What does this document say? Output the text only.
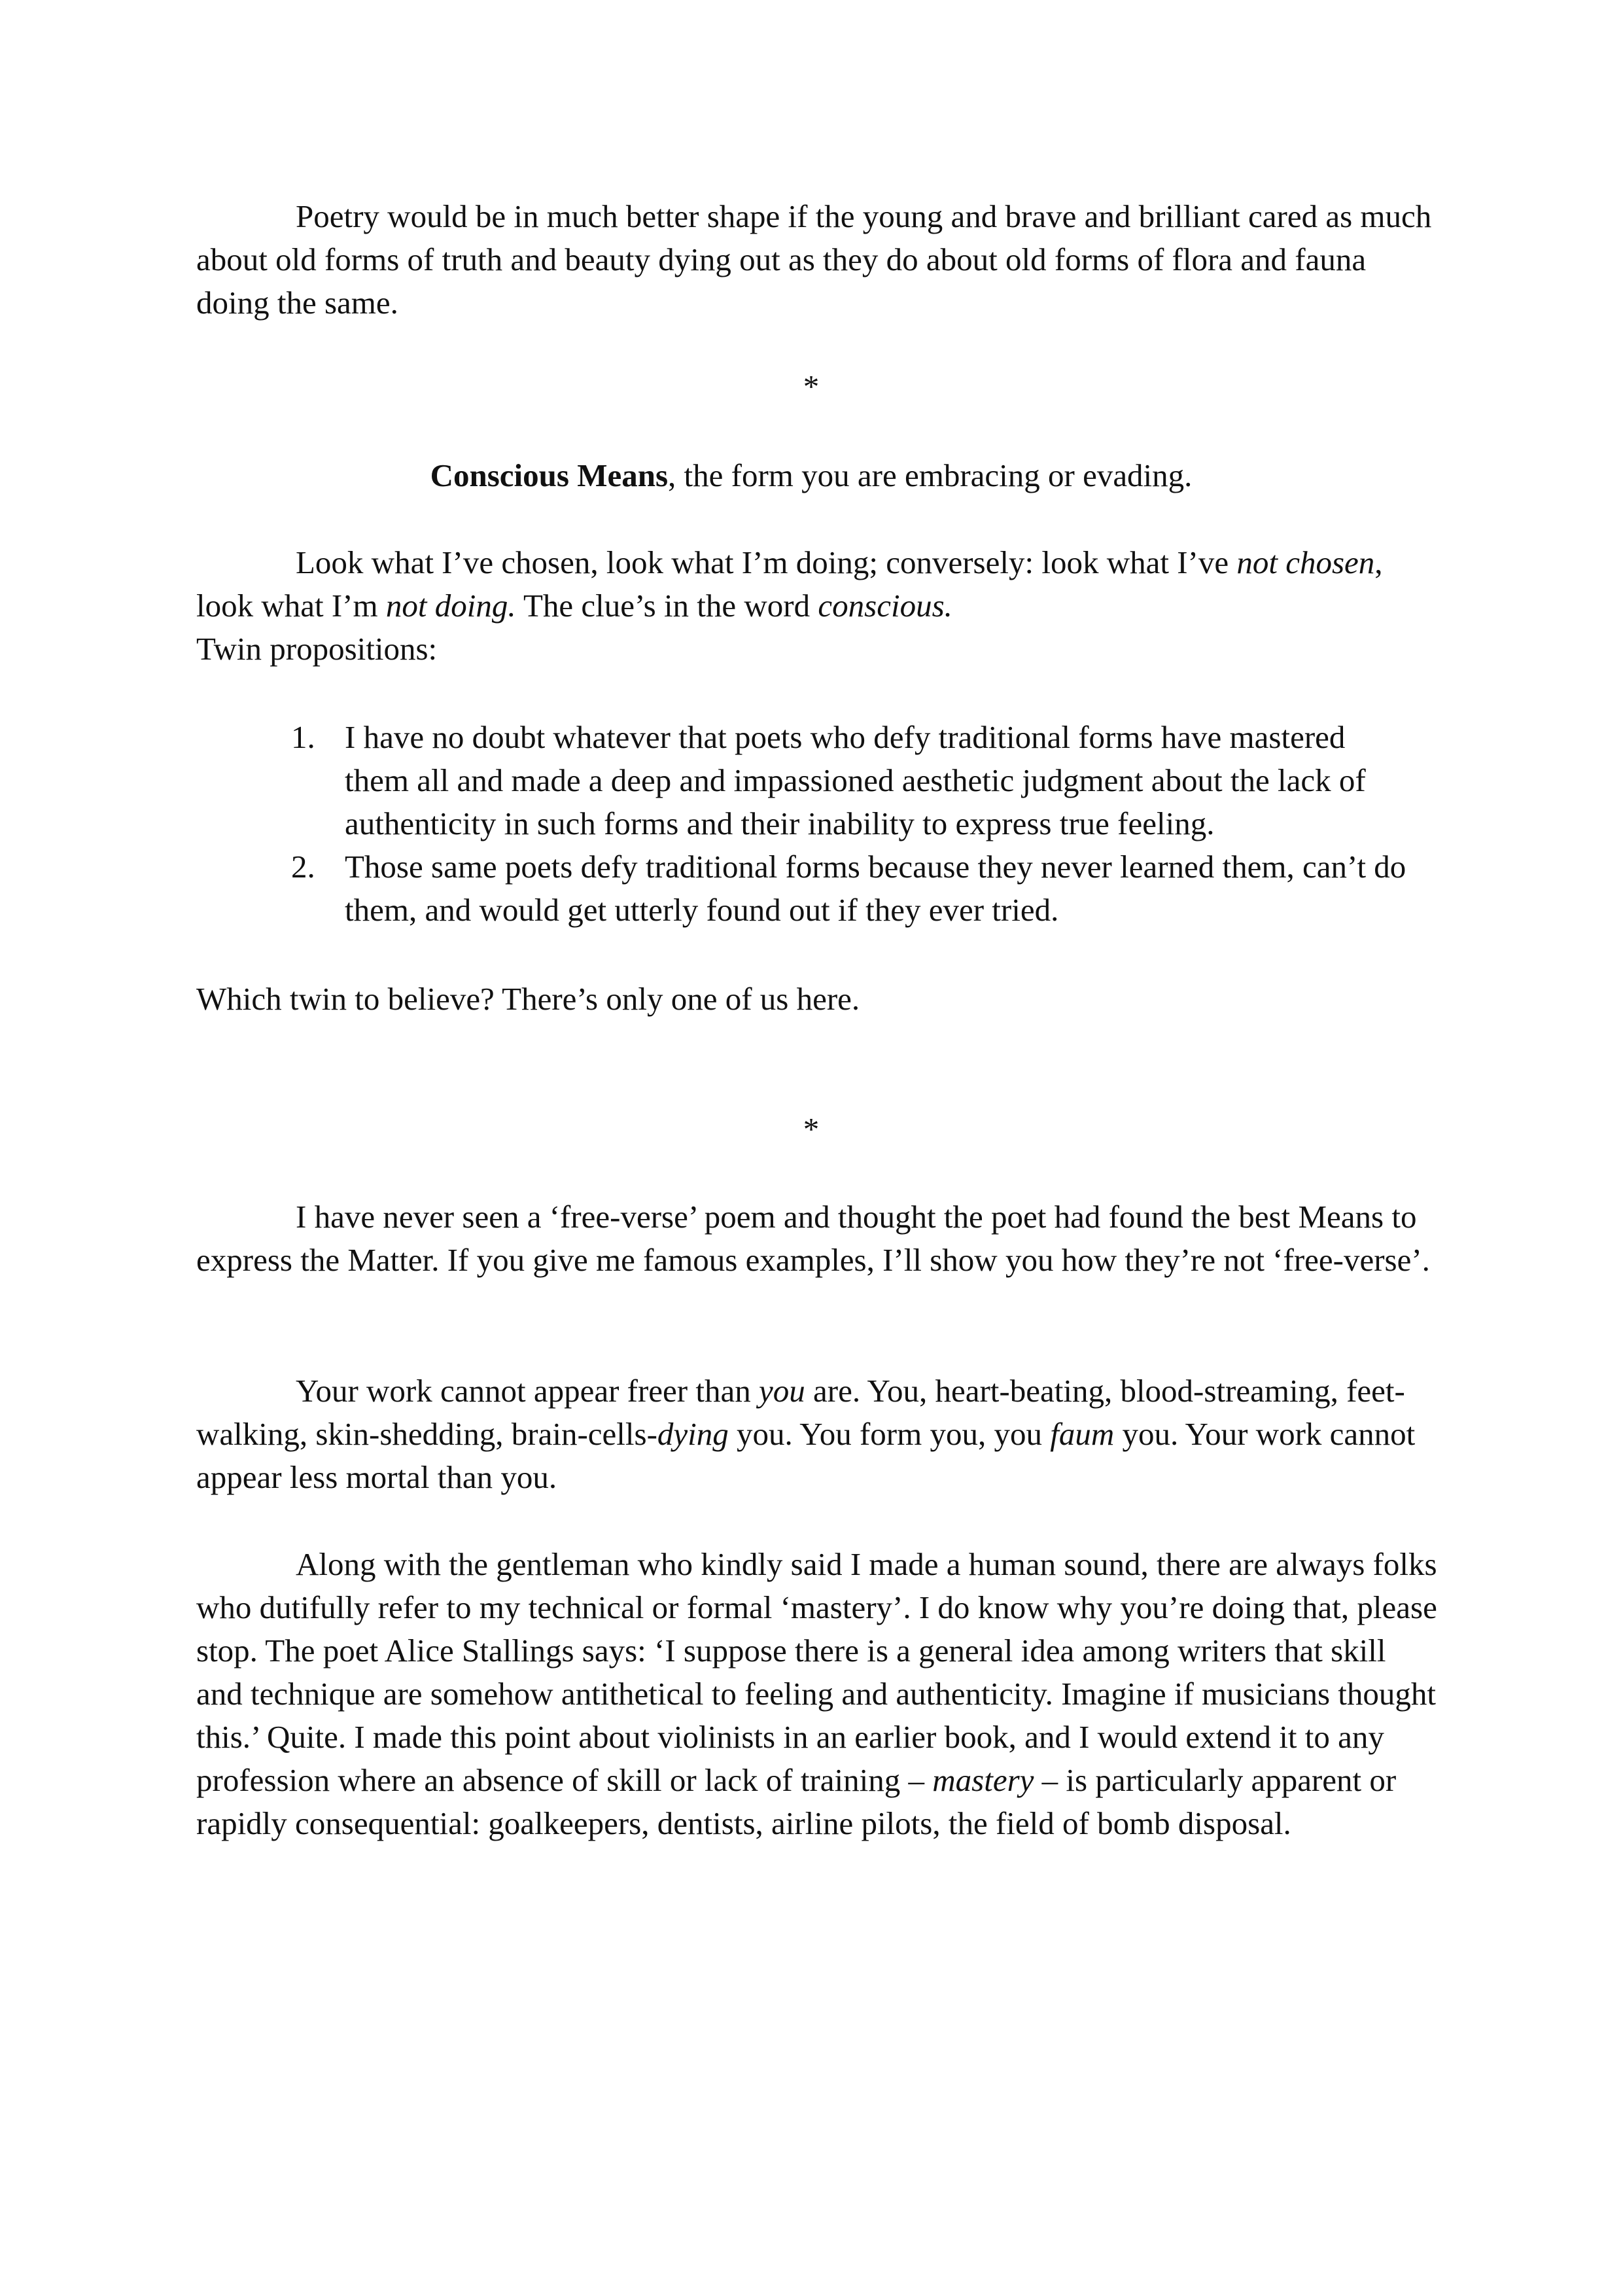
Poetry would be in much better shape if the young and brave and brilliant cared as much about old forms of truth and beauty dying out as they do about old forms of flora and fauna doing the same.
*
Conscious Means, the form you are embracing or evading.
Look what I’ve chosen, look what I’m doing; conversely: look what I’ve not chosen, look what I’m not doing. The clue’s in the word conscious.
Twin propositions:
1. I have no doubt whatever that poets who defy traditional forms have mastered them all and made a deep and impassioned aesthetic judgment about the lack of authenticity in such forms and their inability to express true feeling.
2. Those same poets defy traditional forms because they never learned them, can’t do them, and would get utterly found out if they ever tried.
Which twin to believe? There’s only one of us here.
*
I have never seen a ‘free-verse’ poem and thought the poet had found the best Means to express the Matter. If you give me famous examples, I’ll show you how they’re not ‘free-verse’.
Your work cannot appear freer than you are. You, heart-beating, blood-streaming, feet-walking, skin-shedding, brain-cells-dying you. You form you, you faum you. Your work cannot appear less mortal than you.
Along with the gentleman who kindly said I made a human sound, there are always folks who dutifully refer to my technical or formal ‘mastery’. I do know why you’re doing that, please stop. The poet Alice Stallings says: ‘I suppose there is a general idea among writers that skill and technique are somehow antithetical to feeling and authenticity. Imagine if musicians thought this.’ Quite. I made this point about violinists in an earlier book, and I would extend it to any profession where an absence of skill or lack of training – mastery – is particularly apparent or rapidly consequential: goalkeepers, dentists, airline pilots, the field of bomb disposal.
